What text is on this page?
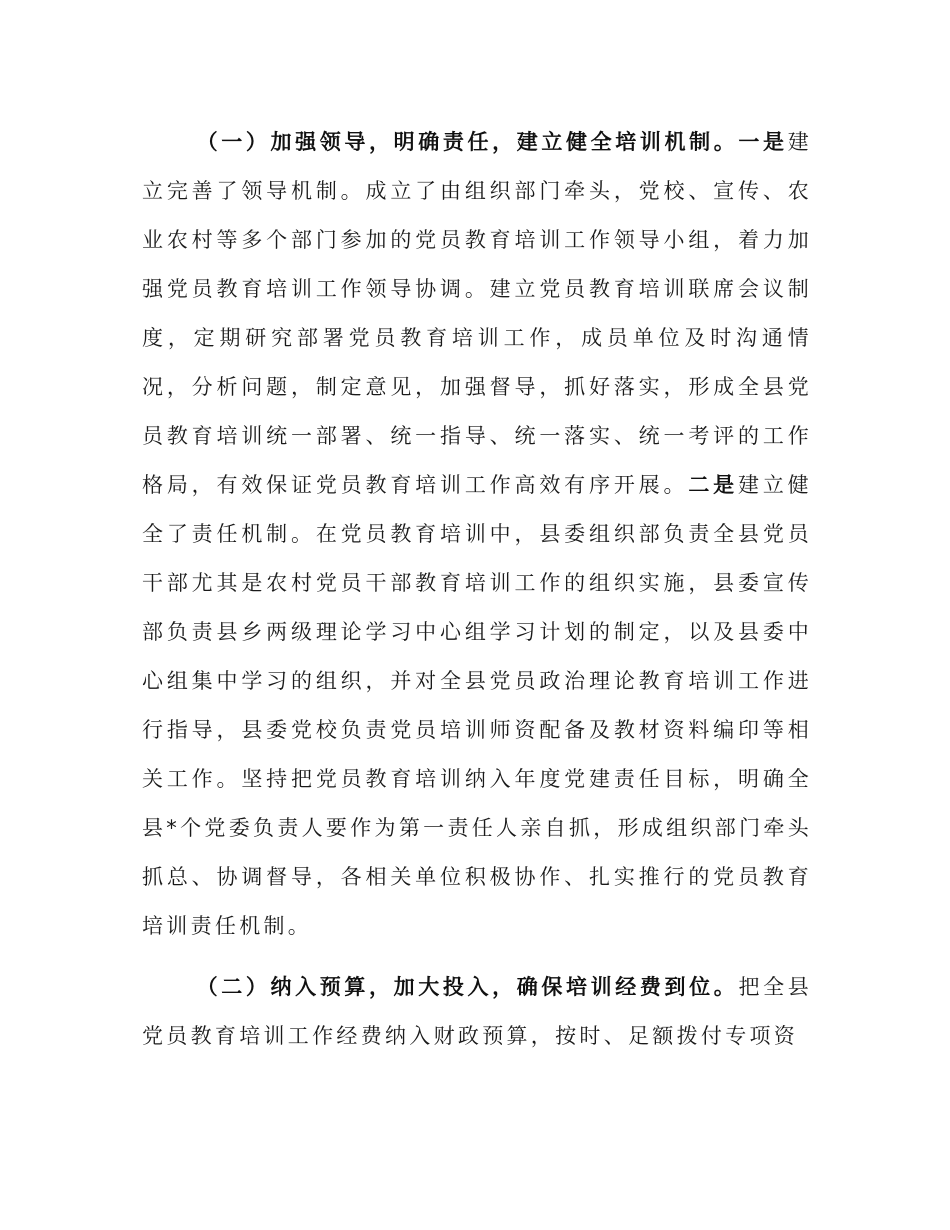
（一）加强领导，明确责任，建立健全培训机制。一是建立完善了领导机制。成立了由组织部门牵头，党校、宣传、农业农村等多个部门参加的党员教育培训工作领导小组，着力加强党员教育培训工作领导协调。建立党员教育培训联席会议制度，定期研究部署党员教育培训工作，成员单位及时沟通情况，分析问题，制定意见，加强督导，抓好落实，形成全县党员教育培训统一部署、统一指导、统一落实、统一考评的工作格局，有效保证党员教育培训工作高效有序开展。二是建立健全了责任机制。在党员教育培训中，县委组织部负责全县党员干部尤其是农村党员干部教育培训工作的组织实施，县委宣传部负责县乡两级理论学习中心组学习计划的制定，以及县委中心组集中学习的组织，并对全县党员政治理论教育培训工作进行指导，县委党校负责党员培训师资配备及教材资料编印等相关工作。坚持把党员教育培训纳入年度党建责任目标，明确全县*个党委负责人要作为第一责任人亲自抓，形成组织部门牵头抓总、协调督导，各相关单位积极协作、扎实推行的党员教育培训责任机制。

（二）纳入预算，加大投入，确保培训经费到位。把全县党员教育培训工作经费纳入财政预算，按时、足额拨付专项资
